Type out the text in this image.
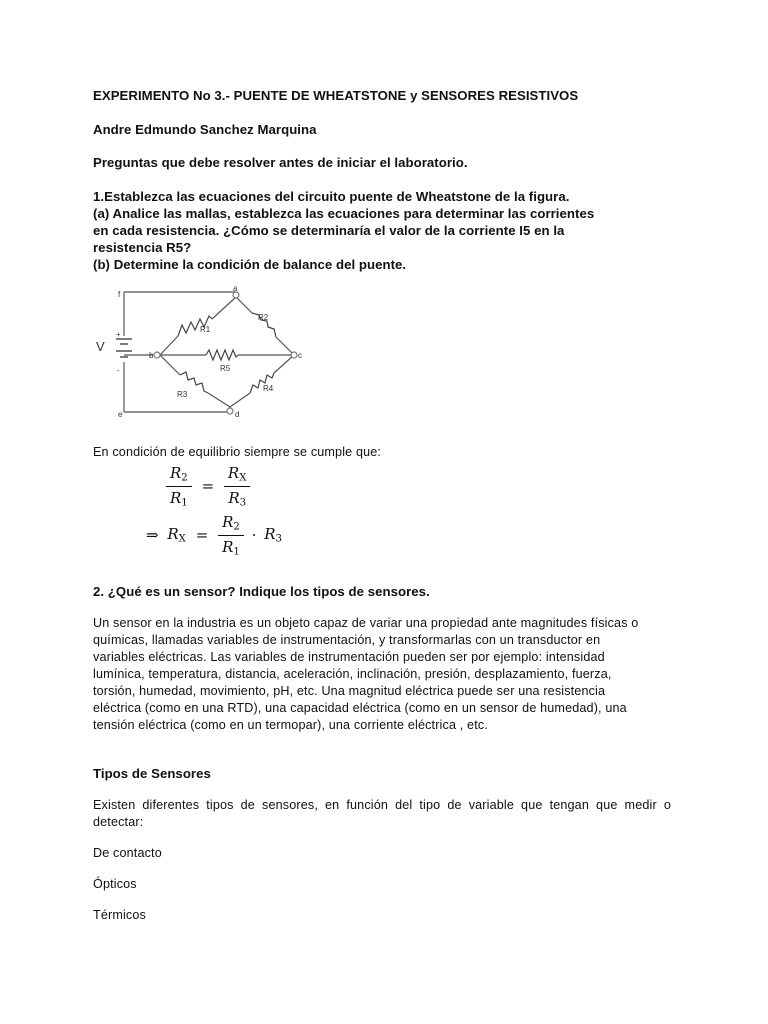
EXPERIMENTO No 3.- PUENTE DE WHEATSTONE y SENSORES RESISTIVOS
Andre Edmundo Sanchez Marquina
Preguntas que debe resolver antes de iniciar el laboratorio.
1.Establezca las ecuaciones del circuito puente de Wheatstone de la figura.
(a) Analice las mallas, establezca las ecuaciones para determinar las corrientes
en cada resistencia. ¿Cómo se determinaría el valor de la corriente I5 en la
resistencia R5?
(b) Determine la condición de balance del puente.
f
a
b	c
d
e
+
-
R1
R2
R3
R4
R5
V
En condición de equilibrio siempre se cumple que:
$\frac{R_2}{R_1} = \frac{R_X}{R_3}$
⇒ $R_X = \frac{R_2}{R_1} \cdot R_3$
2. ¿Qué es un sensor? Indique los tipos de sensores.
Un sensor en la industria es un objeto capaz de variar una propiedad ante magnitudes físicas o
químicas, llamadas variables de instrumentación, y transformarlas con un transductor en
variables eléctricas. Las variables de instrumentación pueden ser por ejemplo: intensidad
lumínica, temperatura, distancia, aceleración, inclinación, presión, desplazamiento, fuerza,
torsión, humedad, movimiento, pH, etc. Una magnitud eléctrica puede ser una resistencia
eléctrica (como en una RTD), una capacidad eléctrica (como en un sensor de humedad), una
tensión eléctrica (como en un termopar), una corriente eléctrica , etc.
Tipos de Sensores
Existen diferentes tipos de sensores, en función del tipo de variable que tengan que medir o
detectar:
De contacto
Ópticos
Térmicos
